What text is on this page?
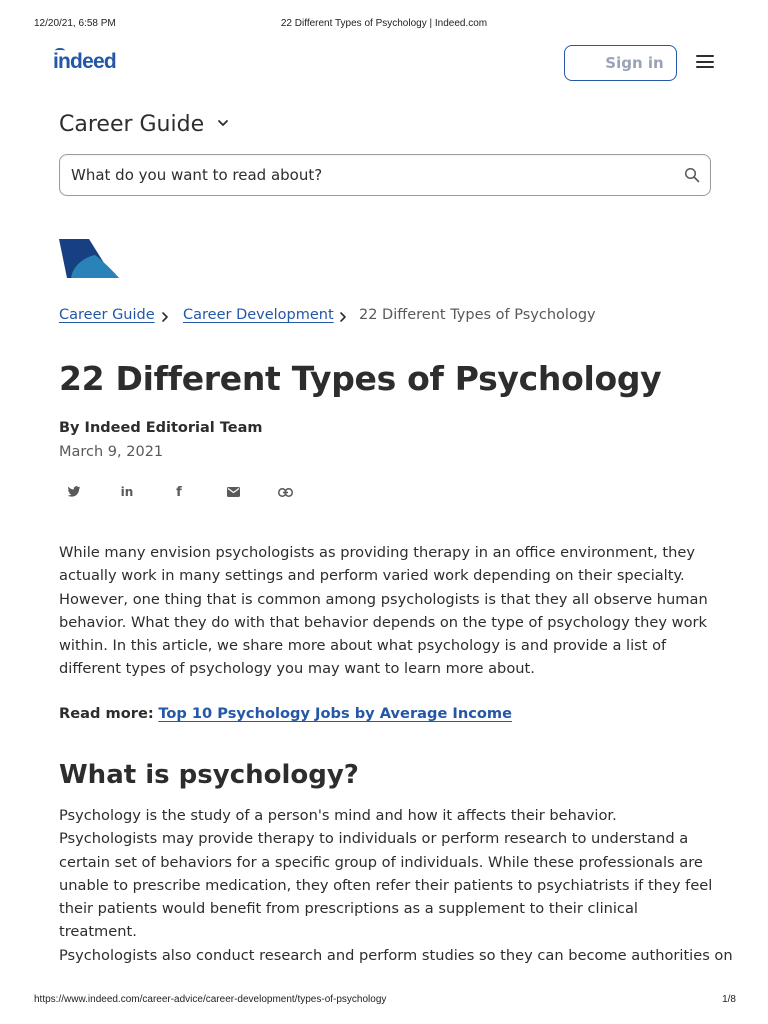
12/20/21, 6:58 PM	22 Different Types of Psychology | Indeed.com
indeed	Sign in
Career Guide
What do you want to read about?
Career Guide Career Development 22 Different Types of Psychology
22 Different Types of Psychology
By Indeed Editorial Team
March 9, 2021
in	f

While many envision psychologists as providing therapy in an office environment, they actually work in many settings and perform varied work depending on their specialty. However, one thing that is common among psychologists is that they all observe human behavior. What they do with that behavior depends on the type of psychology they work within. In this article, we share more about what psychology is and provide a list of different types of psychology you may want to learn more about.

Read more: Top 10 Psychology Jobs by Average Income
What is psychology?

Psychology is the study of a person's mind and how it affects their behavior. Psychologists may provide therapy to individuals or perform research to understand a certain set of behaviors for a specific group of individuals. While these professionals are unable to prescribe medication, they often refer their patients to psychiatrists if they feel their patients would benefit from prescriptions as a supplement to their clinical treatment.

Psychologists also conduct research and perform studies so they can become authorities on

https://www.indeed.com/career-advice/career-development/types-of-psychology	1/8
